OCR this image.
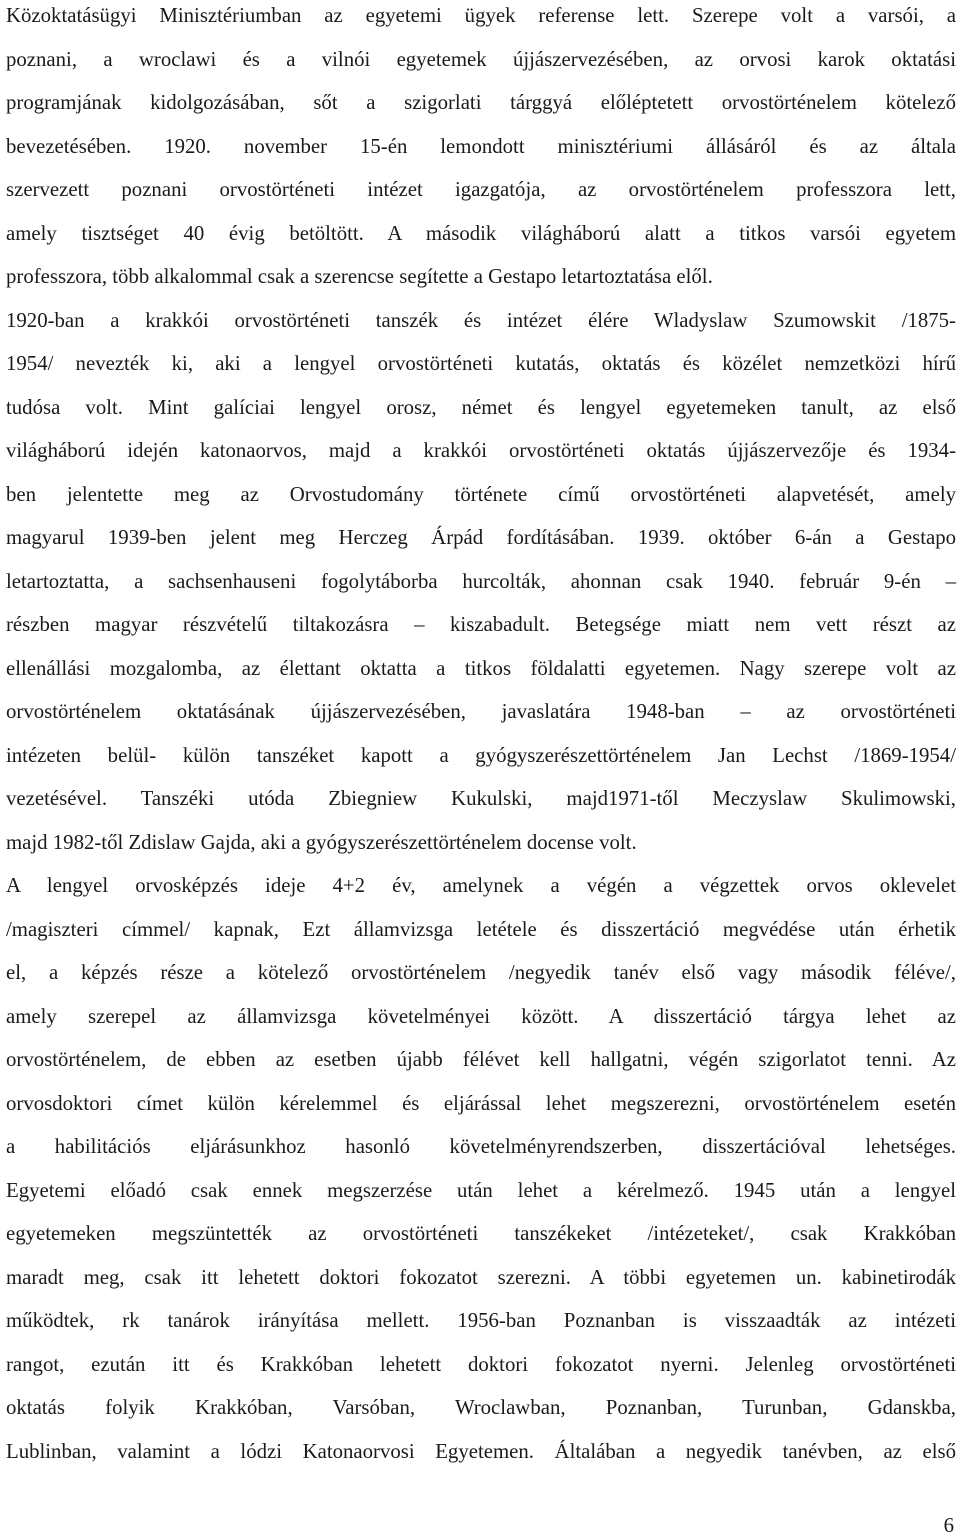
Közoktatásügyi Minisztériumban az egyetemi ügyek referense lett. Szerepe volt a varsói, a
poznani, a wroclawi és a vilnói egyetemek újjászervezésében, az orvosi karok oktatási
programjának kidolgozásában, sőt a szigorlati tárggyá előléptetett orvostörténelem kötelező
bevezetésében. 1920. november 15-én lemondott minisztériumi állásáról és az általa
szervezett poznani orvostörténeti intézet igazgatója, az orvostörténelem professzora lett,
amely tisztséget 40 évig betöltött. A második világháború alatt a titkos varsói egyetem
professzora, több alkalommal csak a szerencse segítette a Gestapo letartoztatása elől.
1920-ban a krakkói orvostörténeti tanszék és intézet élére Wladyslaw Szumowskit /1875-
1954/ nevezték ki, aki a lengyel orvostörténeti kutatás, oktatás és közélet nemzetközi hírű
tudósa volt. Mint galíciai lengyel orosz, német és lengyel egyetemeken tanult, az első
világháború idején katonaorvos, majd a krakkói orvostörténeti oktatás újjászervezője és 1934-
ben jelentette meg az Orvostudomány története című orvostörténeti alapvetését, amely
magyarul 1939-ben jelent meg Herczeg Árpád fordításában. 1939. október 6-án a Gestapo
letartoztatta, a sachsenhauseni fogolytáborba hurcolták, ahonnan csak 1940. február 9-én –
részben magyar részvételű tiltakozásra – kiszabadult. Betegsége miatt nem vett részt az
ellenállási mozgalomba, az élettant oktatta a titkos földalatti egyetemen. Nagy szerepe volt az
orvostörténelem oktatásának újjászervezésében, javaslatára 1948-ban – az orvostörténeti
intézeten belül- külön tanszéket kapott a gyógyszerészettörténelem Jan Lechst /1869-1954/
vezetésével. Tanszéki utóda Zbiegniew Kukulski, majd1971-től Meczyslaw Skulimowski,
majd 1982-től Zdislaw Gajda, aki a gyógyszerészettörténelem docense volt.
A lengyel orvosképzés ideje 4+2 év, amelynek a végén a végzettek orvos oklevelet
/magiszteri címmel/ kapnak, Ezt államvizsga letétele és disszertáció megvédése után érhetik
el, a képzés része a kötelező orvostörténelem /negyedik tanév első vagy második féléve/,
amely szerepel az államvizsga követelményei között. A disszertáció tárgya lehet az
orvostörténelem, de ebben az esetben újabb félévet kell hallgatni, végén szigorlatot tenni. Az
orvosdoktori címet külön kérelemmel és eljárással lehet megszerezni, orvostörténelem esetén
a habilitációs eljárásunkhoz hasonló követelményrendszerben, disszertációval lehetséges.
Egyetemi előadó csak ennek megszerzése után lehet a kérelmező. 1945 után a lengyel
egyetemeken megszüntették az orvostörténeti tanszékeket /intézeteket/, csak Krakkóban
maradt meg, csak itt lehetett doktori fokozatot szerezni. A többi egyetemen un. kabinetirodák
működtek, rk tanárok irányítása mellett. 1956-ban Poznanban is visszaadták az intézeti
rangot, ezután itt és Krakkóban lehetett doktori fokozatot nyerni. Jelenleg orvostörténeti
oktatás folyik Krakkóban, Varsóban, Wroclawban, Poznanban, Turunban, Gdanskba,
Lublinban, valamint a lódzi Katonaorvosi Egyetemen. Általában a negyedik tanévben, az első
6
